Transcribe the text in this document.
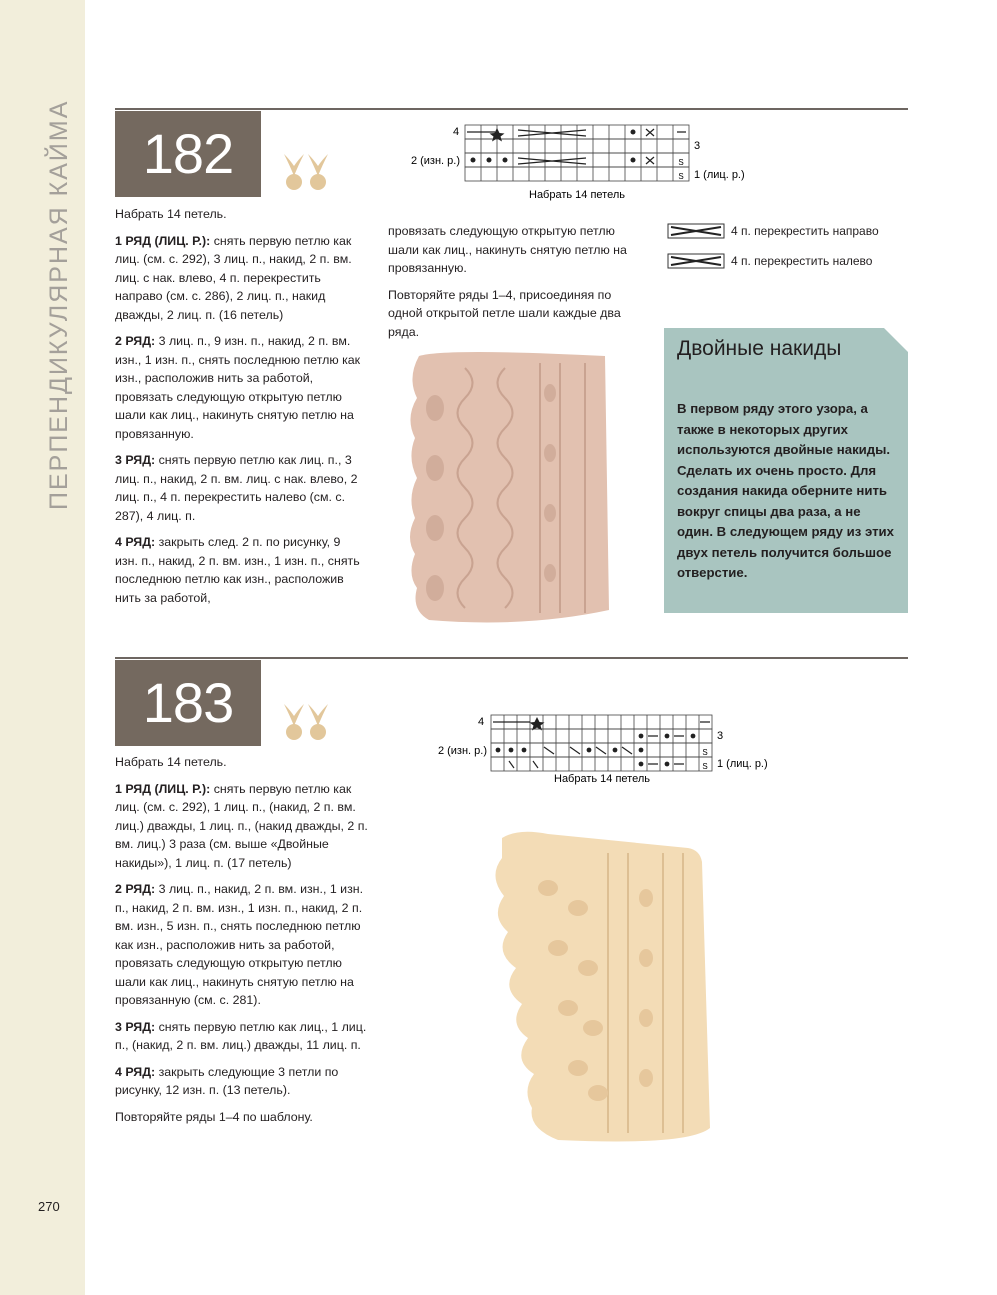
ПЕРПЕНДИКУЛЯРНАЯ КАЙМА	182	S
S
4
3
2 (изн. р.)
1 (лиц. р.)
Набрать 14 петель
4 п. перекрестить направо
4 п. перекрестить налево

Набрать 14 петель.

1 РЯД (ЛИЦ. Р.): снять первую петлю как лиц. (см. с. 292), 3 лиц. п., накид, 2 п. вм. лиц. с нак. влево, 4 п. перекрестить направо (см. с. 286), 2 лиц. п., накид дважды, 2 лиц. п. (16 петель)

2 РЯД: 3 лиц. п., 9 изн. п., накид, 2 п. вм. изн., 1 изн. п., снять последнюю петлю как изн., расположив нить за работой, провязать следующую открытую петлю шали как лиц., накинуть снятую петлю на провязанную.

3 РЯД: снять первую петлю как лиц. п., 3 лиц. п., накид, 2 п. вм. лиц. с нак. влево, 2 лиц. п., 4 п. перекрестить налево (см. с. 287), 4 лиц. п.

4 РЯД: закрыть след. 2 п. по рисунку, 9 изн. п., накид, 2 п. вм. изн., 1 изн. п., снять последнюю петлю как изн., расположив нить за работой,

провязать следующую открытую петлю шали как лиц., накинуть снятую петлю на провязанную.

Повторяйте ряды 1–4, присоединяя по одной открытой петле шали каждые два ряда.

Двойные накиды
В первом ряду этого узора, а также в некоторых других используются двойные накиды. Сделать их очень просто. Для создания накида оберните нить вокруг спицы два раза, а не один. В следующем ряду из этих двух петель получится большое отверстие.
183
S
S
4
3
2 (изн. р.)
1 (лиц. р.)
Набрать 14 петель

Набрать 14 петель.

1 РЯД (ЛИЦ. Р.): снять первую петлю как лиц. (см. с. 292), 1 лиц. п., (накид, 2 п. вм. лиц.) дважды, 1 лиц. п., (накид дважды, 2 п. вм. лиц.) 3 раза (см. выше «Двойные накиды»), 1 лиц. п. (17 петель)

2 РЯД: 3 лиц. п., накид, 2 п. вм. изн., 1 изн. п., накид, 2 п. вм. изн., 1 изн. п., накид, 2 п. вм. изн., 5 изн. п., снять последнюю петлю как изн., расположив нить за работой, провязать следующую открытую петлю шали как лиц., накинуть снятую петлю на провязанную (см. с. 281).

3 РЯД: снять первую петлю как лиц., 1 лиц. п., (накид, 2 п. вм. лиц.) дважды, 11 лиц. п.

4 РЯД: закрыть следующие 3 петли по рисунку, 12 изн. п. (13 петель).

Повторяйте ряды 1–4 по шаблону.

270
